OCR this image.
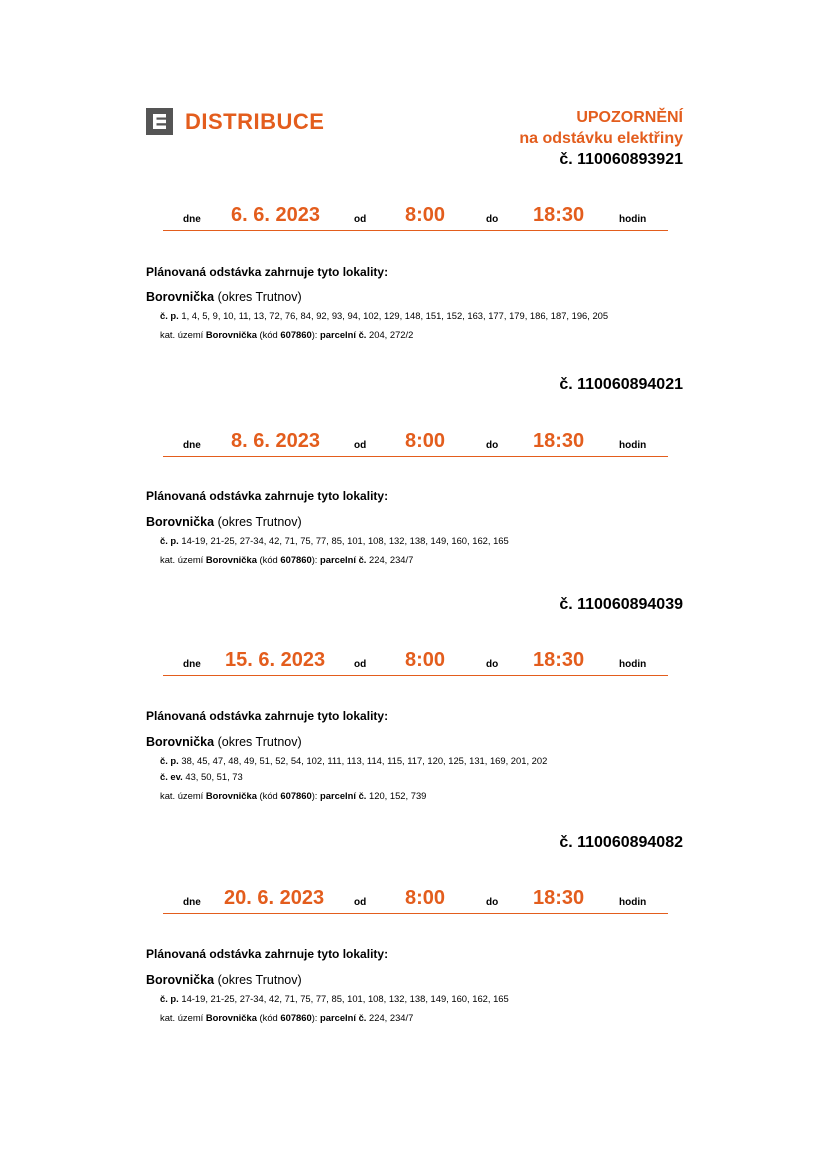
DISTRIBUCE	UPOZORNĚNÍ
na odstávku elektřiny
č. 110060893921
dne 6. 6. 2023	od 8:00	do 18:30	hodin
Plánovaná odstávka zahrnuje tyto lokality:
Borovnička (okres Trutnov)
č. p. 1, 4, 5, 9, 10, 11, 13, 72, 76, 84, 92, 93, 94, 102, 129, 148, 151, 152, 163, 177, 179, 186, 187, 196, 205
kat. území Borovnička (kód 607860): parcelní č. 204, 272/2
č. 110060894021
dne 8. 6. 2023	od 8:00	do 18:30	hodin
Plánovaná odstávka zahrnuje tyto lokality:
Borovnička (okres Trutnov)
č. p. 14-19, 21-25, 27-34, 42, 71, 75, 77, 85, 101, 108, 132, 138, 149, 160, 162, 165
kat. území Borovnička (kód 607860): parcelní č. 224, 234/7
č. 110060894039
dne 15. 6. 2023	od 8:00	do 18:30	hodin
Plánovaná odstávka zahrnuje tyto lokality:
Borovnička (okres Trutnov)
č. p. 38, 45, 47, 48, 49, 51, 52, 54, 102, 111, 113, 114, 115, 117, 120, 125, 131, 169, 201, 202
č. ev. 43, 50, 51, 73
kat. území Borovnička (kód 607860): parcelní č. 120, 152, 739
č. 110060894082
dne 20. 6. 2023	od 8:00	do 18:30	hodin
Plánovaná odstávka zahrnuje tyto lokality:
Borovnička (okres Trutnov)
č. p. 14-19, 21-25, 27-34, 42, 71, 75, 77, 85, 101, 108, 132, 138, 149, 160, 162, 165
kat. území Borovnička (kód 607860): parcelní č. 224, 234/7
